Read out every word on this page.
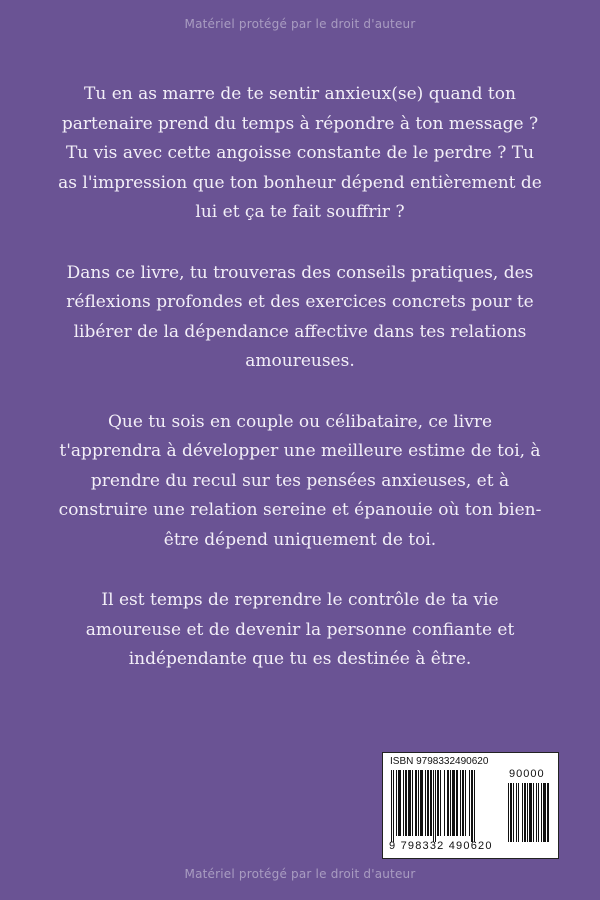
Matériel protégé par le droit d'auteur

Tu en as marre de te sentir anxieux(se) quand ton partenaire prend du temps à répondre à ton message ? Tu vis avec cette angoisse constante de le perdre ? Tu as l'impression que ton bonheur dépend entièrement de lui et ça te fait souffrir ?

Dans ce livre, tu trouveras des conseils pratiques, des réflexions profondes et des exercices concrets pour te libérer de la dépendance affective dans tes relations amoureuses.

Que tu sois en couple ou célibataire, ce livre t'apprendra à développer une meilleure estime de toi, à prendre du recul sur tes pensées anxieuses, et à construire une relation sereine et épanouie où ton bien-être dépend uniquement de toi.

Il est temps de reprendre le contrôle de ta vie amoureuse et de devenir la personne confiante et indépendante que tu es destinée à être.

ISBN 9798332490620
90000
9 798332 490620
Matériel protégé par le droit d'auteur
